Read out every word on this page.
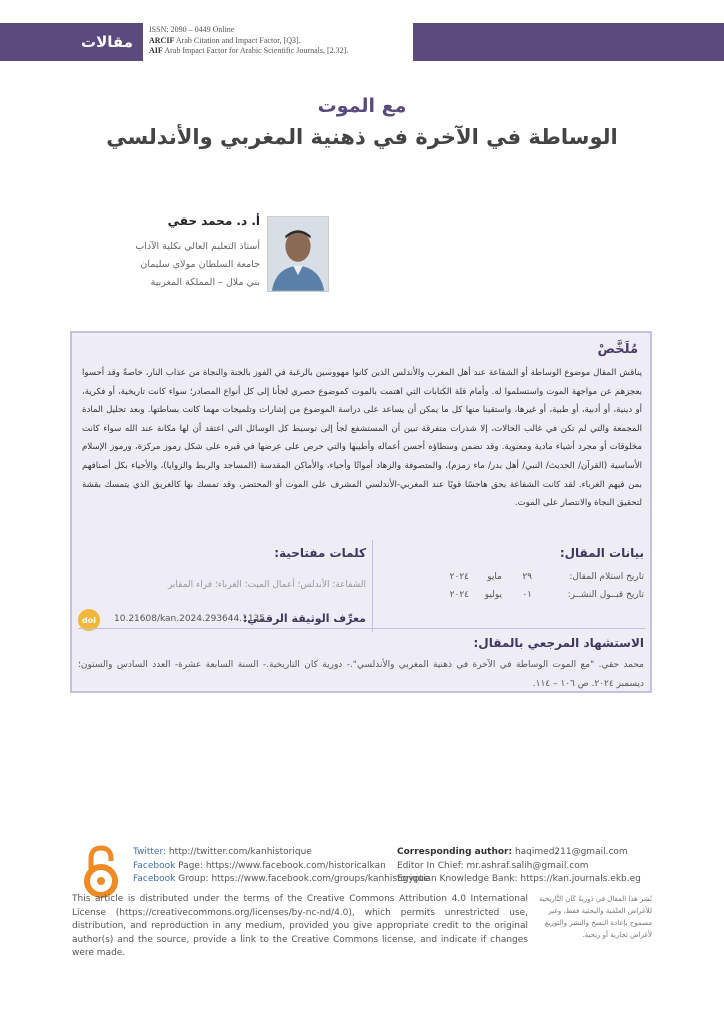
مقالات
ISSN: 2090 – 0449 Online
ARCIF Arab Citation and Impact Factor, [Q3].
AIF Arab Impact Factor for Arabic Scientific Journals, [2.32].
مع الموت
الوساطة في الآخرة في ذهنية المغربي والأندلسي
أ. د. محمد حقي
أستاذ التعليم العالي بكلية الآداب
جامعة السلطان مولاي سليمان
بني ملال – المملكة المغربية
مُلَخَّصْ
يناقش المقال موضوع الوساطة أو الشفاعة عند أهل المغرب والأندلس الذين كانوا مهووسين بالرغبة في الفوز بالجنة والنجاة من عذاب النار، خاصةً وقد أحسوا بعجزهم عن مواجهة الموت واستسلموا له. وأمام قلة الكتابات التي اهتمت بالموت كموضوع حصري لجأنا إلى كل أنواع المصادر؛ سواء كانت تاريخية، أو فكرية، أو دينية، أو أدبية، أو طبية، أو غيرها، واستقينا منها كل ما يمكن أن يساعد على دراسة الموضوع من إشارات وتلميحات مهما كانت بساطتها. وبعد تحليل المادة المجمعة والتي لم تكن في غالب الحالات، إلا شذرات متفرقة تبين أن المستشفع لجأ إلى توسيط كل الوسائل التي اعتقد أن لها مكانة عند الله سواء كانت مخلوقات أو مجرد أشياء مادية ومعنوية. وقد تضمن وسطاؤه أحسن أعماله وأطيبها والتي حرص على عرضها في قبره على شكل رموز مركزة، ورموز الإسلام الأساسية (القرآن/ الحديث/ النبي/ أهل بدر/ ماء زمزم)، والمتصوفة والزهاد أمواتًا وأحياء، والأماكن المقدسة (المساجد والربط والزوايا)، والأحياء بكل أصنافهم بمن فيهم الغرباء. لقد كانت الشفاعة بحق هاجسًا قويًا عند المغربي-الأندلسي المشرف على الموت أو المحتضر، وقد تمسك بها كالغريق الذي يتمسك بقشة لتحقيق النجاة والانتصار على الموت.
بيانات المقال:
تاريخ استلام المقال:
٢٩
مايو
٢٠٢٤
تاريخ قبــول النشــر:
٠١
يوليو
٢٠٢٤
كلمات مفتاحية:
الشفاعة؛ الأندلس؛ أعمال الميت؛ الغرباء؛ قراء المقابر
معرِّف الوثيقة الرقمي:
10.21608/kan.2024.293644.1135
doi
الاستشهاد المرجعي بالمقال:
محمد حقي. "مع الموت الوساطة في الآخرة في ذهنية المغربي والأندلسي".- دورية كان التاريخية.- السنة السابعة عشرة- العدد السادس والستون؛ ديسمبر ٢٠٢٤. ص ١٠٦ – ١١٤.
Twitter: http://twitter.com/kanhistorique
Facebook Page: https://www.facebook.com/historicalkan
Facebook Group: https://www.facebook.com/groups/kanhistorique
Corresponding author: haqimed211@gmail.com
Editor In Chief: mr.ashraf.salih@gmail.com
Egyptian Knowledge Bank: https://kan.journals.ekb.eg
This article is distributed under the terms of the Creative Commons Attribution 4.0 International License (https://creativecommons.org/licenses/by-nc-nd/4.0), which permits unrestricted use, distribution, and reproduction in any medium, provided you give appropriate credit to the original author(s) and the source, provide a link to the Creative Commons license, and indicate if changes were made.
نُشر هذا المقال في دَوريةُ كَان التَّاريخية للأغراض العلمية والبحثية فقط، وغير مسموح بإعادة النسخ والنشر والتوزيع لأغراض تجارية أو ربحية.
